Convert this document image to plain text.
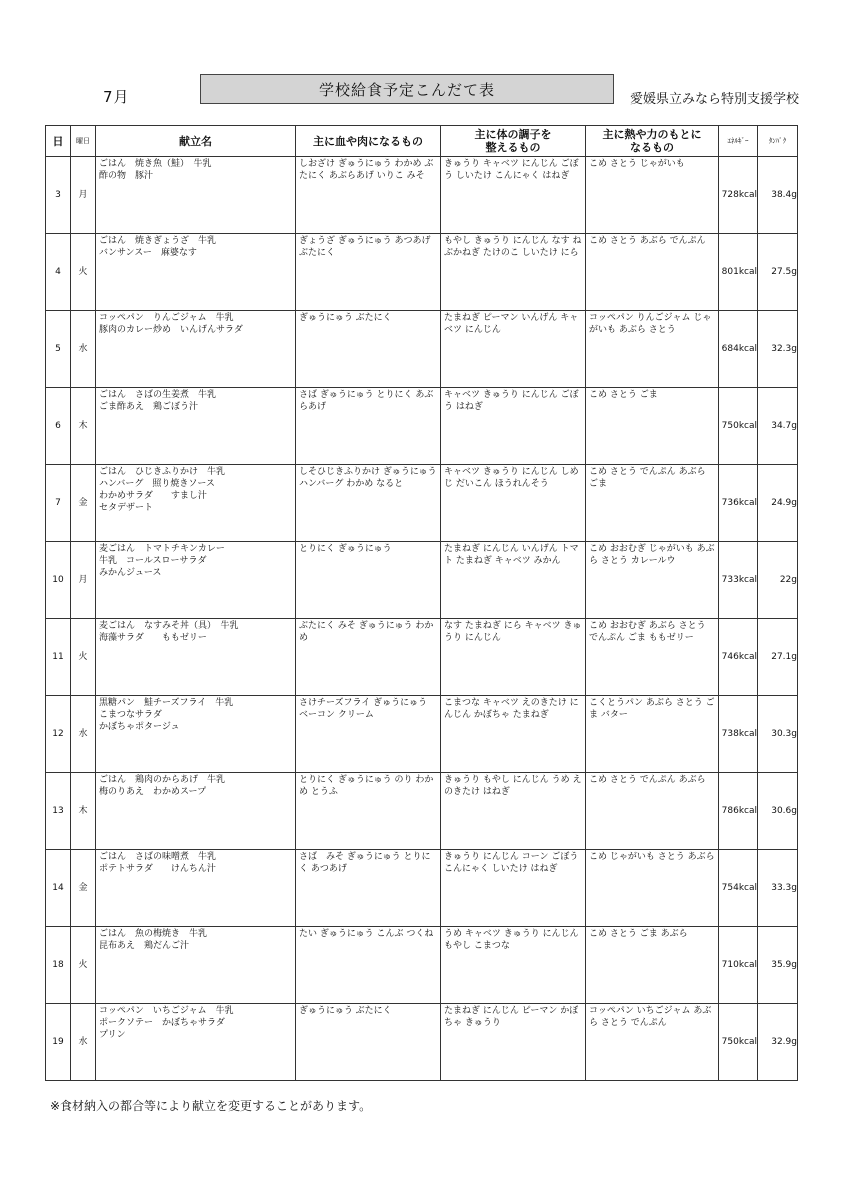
7月	学校給食予定こんだて表
愛媛県立みなら特別支援学校
日	曜日	献立名	主に血や肉になるもの	主に体の調子を
整えるもの	主に熱や力のもとに
なるもの	ｴﾈﾙｷﾞｰ	ﾀﾝﾊﾟｸ
3	月	ごはん　焼き魚（鮭）　牛乳
酢の物　豚汁	しおざけ ぎゅうにゅう わかめ ぶたにく あぶらあげ いりこ みそ	きゅうり キャベツ にんじん ごぼう しいたけ こんにゃく はねぎ	こめ さとう じゃがいも	728kcal	38.4g
4	火	ごはん　焼きぎょうざ　牛乳
バンサンスー　麻婆なす	ぎょうざ ぎゅうにゅう あつあげ ぶたにく	もやし きゅうり にんじん なす ねぶかねぎ たけのこ しいたけ にら	こめ さとう あぶら でんぷん	801kcal	27.5g
5	水	コッペパン　りんごジャム　牛乳
豚肉のカレー炒め　いんげんサラダ	ぎゅうにゅう ぶたにく	たまねぎ ピーマン いんげん キャベツ にんじん	コッペパン りんごジャム じゃがいも あぶら さとう	684kcal	32.3g
6	木	ごはん　さばの生姜煮　牛乳
ごま酢あえ　鶏ごぼう汁	さば ぎゅうにゅう とりにく あぶらあげ	キャベツ きゅうり にんじん ごぼう はねぎ	こめ さとう ごま	750kcal	34.7g
7	金	ごはん　ひじきふりかけ　牛乳
ハンバーグ　照り焼きソース
わかめサラダ　　すまし汁
セタデザート	しそひじきふりかけ ぎゅうにゅう ハンバーグ わかめ なると	キャベツ きゅうり にんじん しめじ だいこん ほうれんそう	こめ さとう でんぷん あぶら ごま	736kcal	24.9g
10	月	麦ごはん　トマトチキンカレー
牛乳　コールスローサラダ
みかんジュース	とりにく ぎゅうにゅう	たまねぎ にんじん いんげん トマト たまねぎ キャベツ みかん	こめ おおむぎ じゃがいも あぶら さとう カレールウ	733kcal	22g
11	火	麦ごはん　なすみそ丼（具）　牛乳
海藻サラダ　　ももゼリー	ぶたにく みそ ぎゅうにゅう わかめ	なす たまねぎ にら キャベツ きゅうり にんじん	こめ おおむぎ あぶら さとう でんぷん ごま ももゼリー	746kcal	27.1g
12	水	黒糖パン　鮭チーズフライ　牛乳
こまつなサラダ
かぼちゃポタージュ	さけチーズフライ ぎゅうにゅう ベーコン クリーム	こまつな キャベツ えのきたけ にんじん かぼちゃ たまねぎ	こくとうパン あぶら さとう ごま バター	738kcal	30.3g
13	木	ごはん　鶏肉のからあげ　牛乳
梅のりあえ　わかめスープ	とりにく ぎゅうにゅう のり わかめ とうふ	きゅうり もやし にんじん うめ えのきたけ はねぎ	こめ さとう でんぷん あぶら	786kcal	30.6g
14	金	ごはん　さばの味噌煮　牛乳
ポテトサラダ　　けんちん汁	さば　みそ ぎゅうにゅう とりにく あつあげ	きゅうり にんじん コーン ごぼう こんにゃく しいたけ はねぎ	こめ じゃがいも さとう あぶら	754kcal	33.3g
18	火	ごはん　魚の梅焼き　牛乳
昆布あえ　鶏だんご汁	たい ぎゅうにゅう こんぶ つくね	うめ キャベツ きゅうり にんじん もやし こまつな	こめ さとう ごま あぶら	710kcal	35.9g
19	水	コッペパン　いちごジャム　牛乳
ポークソテー　かぼちゃサラダ
プリン	ぎゅうにゅう ぶたにく	たまねぎ にんじん ピーマン かぼちゃ きゅうり	コッペパン いちごジャム あぶら さとう でんぷん	750kcal	32.9g
※食材納入の都合等により献立を変更することがあります。
